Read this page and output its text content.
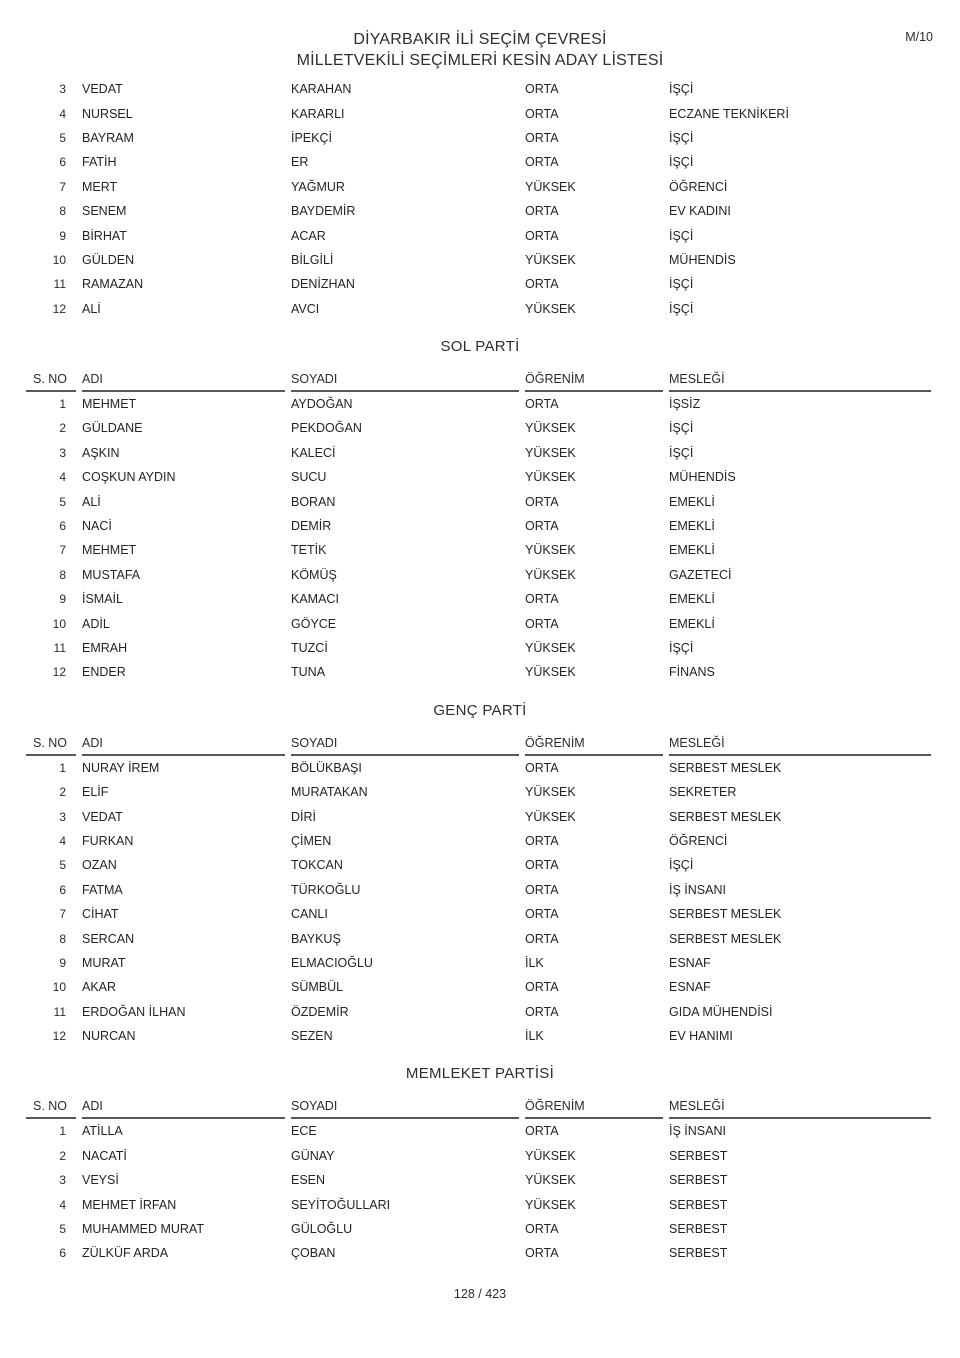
M/10
DİYARBAKIR İLİ SEÇİM ÇEVRESİ
MİLLETVEKİLİ SEÇİMLERİ KESİN ADAY LİSTESİ
3	VEDAT	KARAHAN	ORTA	İŞÇİ
4	NURSEL	KARARLI	ORTA	ECZANE TEKNİKERİ
5	BAYRAM	İPEKÇİ	ORTA	İŞÇİ
6	FATİH	ER	ORTA	İŞÇİ
7	MERT	YAĞMUR	YÜKSEK	ÖĞRENCİ
8	SENEM	BAYDEMİR	ORTA	EV KADINI
9	BİRHAT	ACAR	ORTA	İŞÇİ
10	GÜLDEN	BİLGİLİ	YÜKSEK	MÜHENDİS
11	RAMAZAN	DENİZHAN	ORTA	İŞÇİ
12	ALİ	AVCI	YÜKSEK	İŞÇİ
SOL PARTİ
S. NO	ADI	SOYADI	ÖĞRENİM	MESLEĞİ
1	MEHMET	AYDOĞAN	ORTA	İŞSİZ
2	GÜLDANE	PEKDOĞAN	YÜKSEK	İŞÇİ
3	AŞKIN	KALECİ	YÜKSEK	İŞÇİ
4	COŞKUN AYDIN	SUCU	YÜKSEK	MÜHENDİS
5	ALİ	BORAN	ORTA	EMEKLİ
6	NACİ	DEMİR	ORTA	EMEKLİ
7	MEHMET	TETİK	YÜKSEK	EMEKLİ
8	MUSTAFA	KÖMÜŞ	YÜKSEK	GAZETECİ
9	İSMAİL	KAMACI	ORTA	EMEKLİ
10	ADİL	GÖYCE	ORTA	EMEKLİ
11	EMRAH	TUZCİ	YÜKSEK	İŞÇİ
12	ENDER	TUNA	YÜKSEK	FİNANS
GENÇ PARTİ
S. NO	ADI	SOYADI	ÖĞRENİM	MESLEĞİ
1	NURAY İREM	BÖLÜKBAŞI	ORTA	SERBEST MESLEK
2	ELİF	MURATAKAN	YÜKSEK	SEKRETER
3	VEDAT	DİRİ	YÜKSEK	SERBEST MESLEK
4	FURKAN	ÇİMEN	ORTA	ÖĞRENCİ
5	OZAN	TOKCAN	ORTA	İŞÇİ
6	FATMA	TÜRKOĞLU	ORTA	İŞ İNSANI
7	CİHAT	CANLI	ORTA	SERBEST MESLEK
8	SERCAN	BAYKUŞ	ORTA	SERBEST MESLEK
9	MURAT	ELMACIOĞLU	İLK	ESNAF
10	AKAR	SÜMBÜL	ORTA	ESNAF
11	ERDOĞAN İLHAN	ÖZDEMİR	ORTA	GIDA MÜHENDİSİ
12	NURCAN	SEZEN	İLK	EV HANIMI
MEMLEKET PARTİSİ
S. NO	ADI	SOYADI	ÖĞRENİM	MESLEĞİ
1	ATİLLA	ECE	ORTA	İŞ İNSANI
2	NACATİ	GÜNAY	YÜKSEK	SERBEST
3	VEYSİ	ESEN	YÜKSEK	SERBEST
4	MEHMET İRFAN	SEYİTOĞULLARI	YÜKSEK	SERBEST
5	MUHAMMED MURAT	GÜLOĞLU	ORTA	SERBEST
6	ZÜLKÜF ARDA	ÇOBAN	ORTA	SERBEST
128 / 423
